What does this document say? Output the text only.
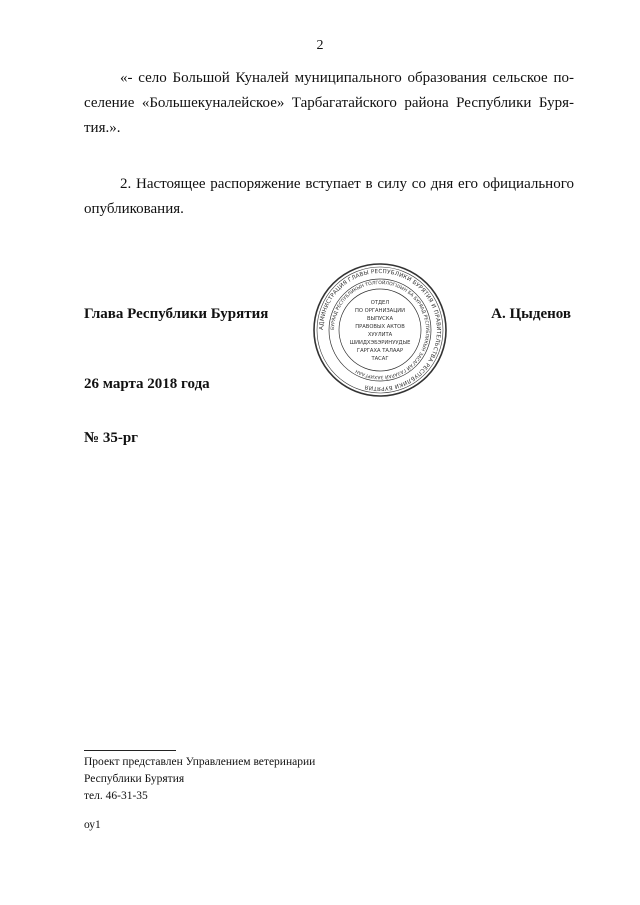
2

«- село Большой Куналей муниципального образования сельское по-
селение «Большекуналейское» Тарбагатайского района Республики Буря-
тия.».

2. Настоящее распоряжение вступает в силу со дня его официального
опубликования.

Глава Республики Бурятия	А. Цыденов
АДМИНИСТРАЦИЯ ГЛАВЫ РЕСПУБЛИКИ БУРЯТИЯ И ПРАВИТЕЛЬСТВА РЕСПУБЛИКИ БУРЯТИЯ
БУРЯАД РЕСПУБЛИКЫН ТОЛГОЙЛОГШЫН БА БУРЯАД РЕСПУБЛИКЫН ЗАСАГАЙ ГАЗАРАЙ ЗАХИРГААН
ОТДЕЛ
ПО ОРГАНИЗАЦИИ
ВЫПУСКА
ПРАВОВЫХ АКТОВ
ХУУЛИТА
ШИИДХЭБЭРИНУУДЫЕ
ГАРГАХА ТАЛААР
ТАСАГ
26 марта 2018 года
№ 35-рг
Проект представлен Управлением ветеринарии
Республики Бурятия
тел. 46-31-35
оу1
